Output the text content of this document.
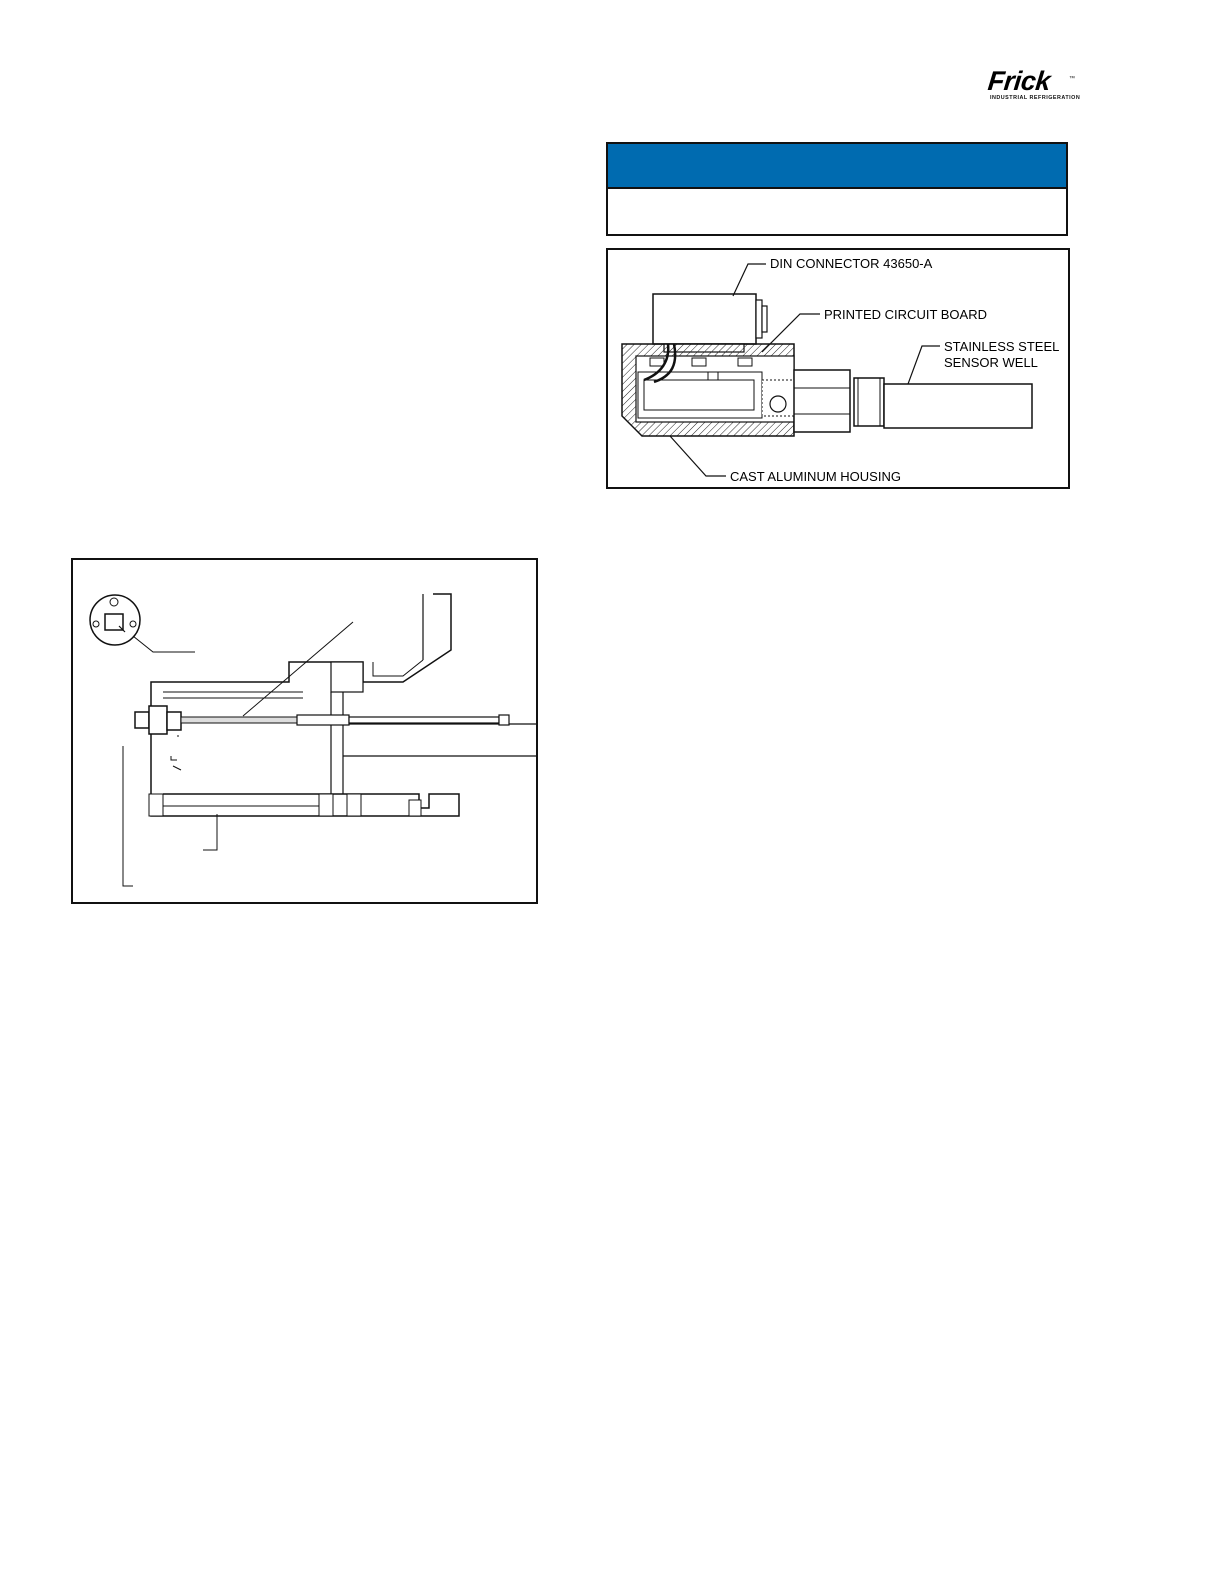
Frick	™
INDUSTRIAL REFRIGERATION
DIN CONNECTOR 43650-A
PRINTED CIRCUIT BOARD
STAINLESS STEEL
SENSOR WELL
CAST ALUMINUM HOUSING
